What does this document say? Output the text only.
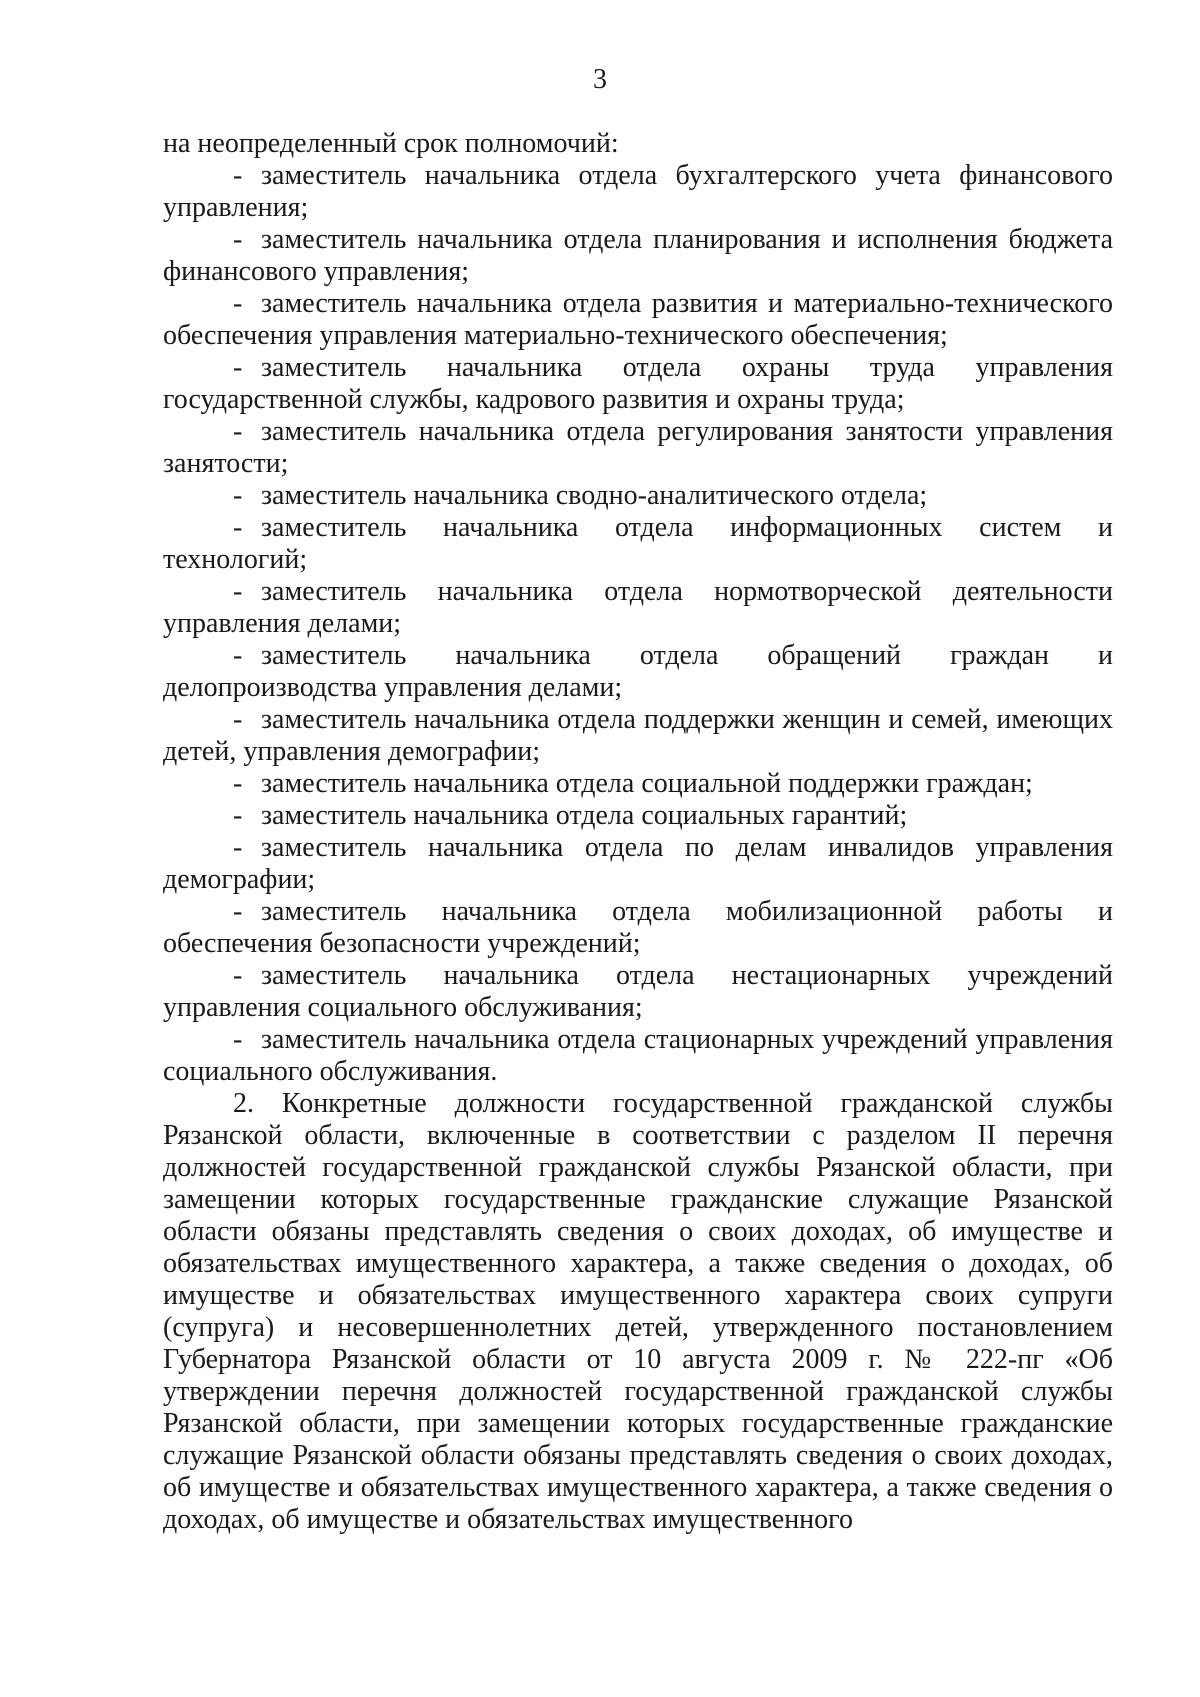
3

на неопределенный срок полномочий:

- заместитель начальника отдела бухгалтерского учета финансового управления;

- заместитель начальника отдела планирования и исполнения бюджета финансового управления;

- заместитель начальника отдела развития и материально-технического обеспечения управления материально-технического обеспечения;

- заместитель начальника отдела охраны труда управления государственной службы, кадрового развития и охраны труда;

- заместитель начальника отдела регулирования занятости управления занятости;

- заместитель начальника сводно-аналитического отдела;

- заместитель начальника отдела информационных систем и технологий;

- заместитель начальника отдела нормотворческой деятельности управления делами;

- заместитель начальника отдела обращений граждан и делопроизводства управления делами;

- заместитель начальника отдела поддержки женщин и семей, имеющих детей, управления демографии;

- заместитель начальника отдела социальной поддержки граждан;

- заместитель начальника отдела социальных гарантий;

- заместитель начальника отдела по делам инвалидов управления демографии;

- заместитель начальника отдела мобилизационной работы и обеспечения безопасности учреждений;

- заместитель начальника отдела нестационарных учреждений управления социального обслуживания;

- заместитель начальника отдела стационарных учреждений управления социального обслуживания.

2. Конкретные должности государственной гражданской службы Рязанской области, включенные в соответствии с разделом II перечня должностей государственной гражданской службы Рязанской области, при замещении которых государственные гражданские служащие Рязанской области обязаны представлять сведения о своих доходах, об имуществе и обязательствах имущественного характера, а также сведения о доходах, об имуществе и обязательствах имущественного характера своих супруги (супруга) и несовершеннолетних детей, утвержденного постановлением Губернатора Рязанской области от 10 августа 2009 г. № 222-пг «Об утверждении перечня должностей государственной гражданской службы Рязанской области, при замещении которых государственные гражданские служащие Рязанской области обязаны представлять сведения о своих доходах, об имуществе и обязательствах имущественного характера, а также сведения о доходах, об имуществе и обязательствах имущественного
